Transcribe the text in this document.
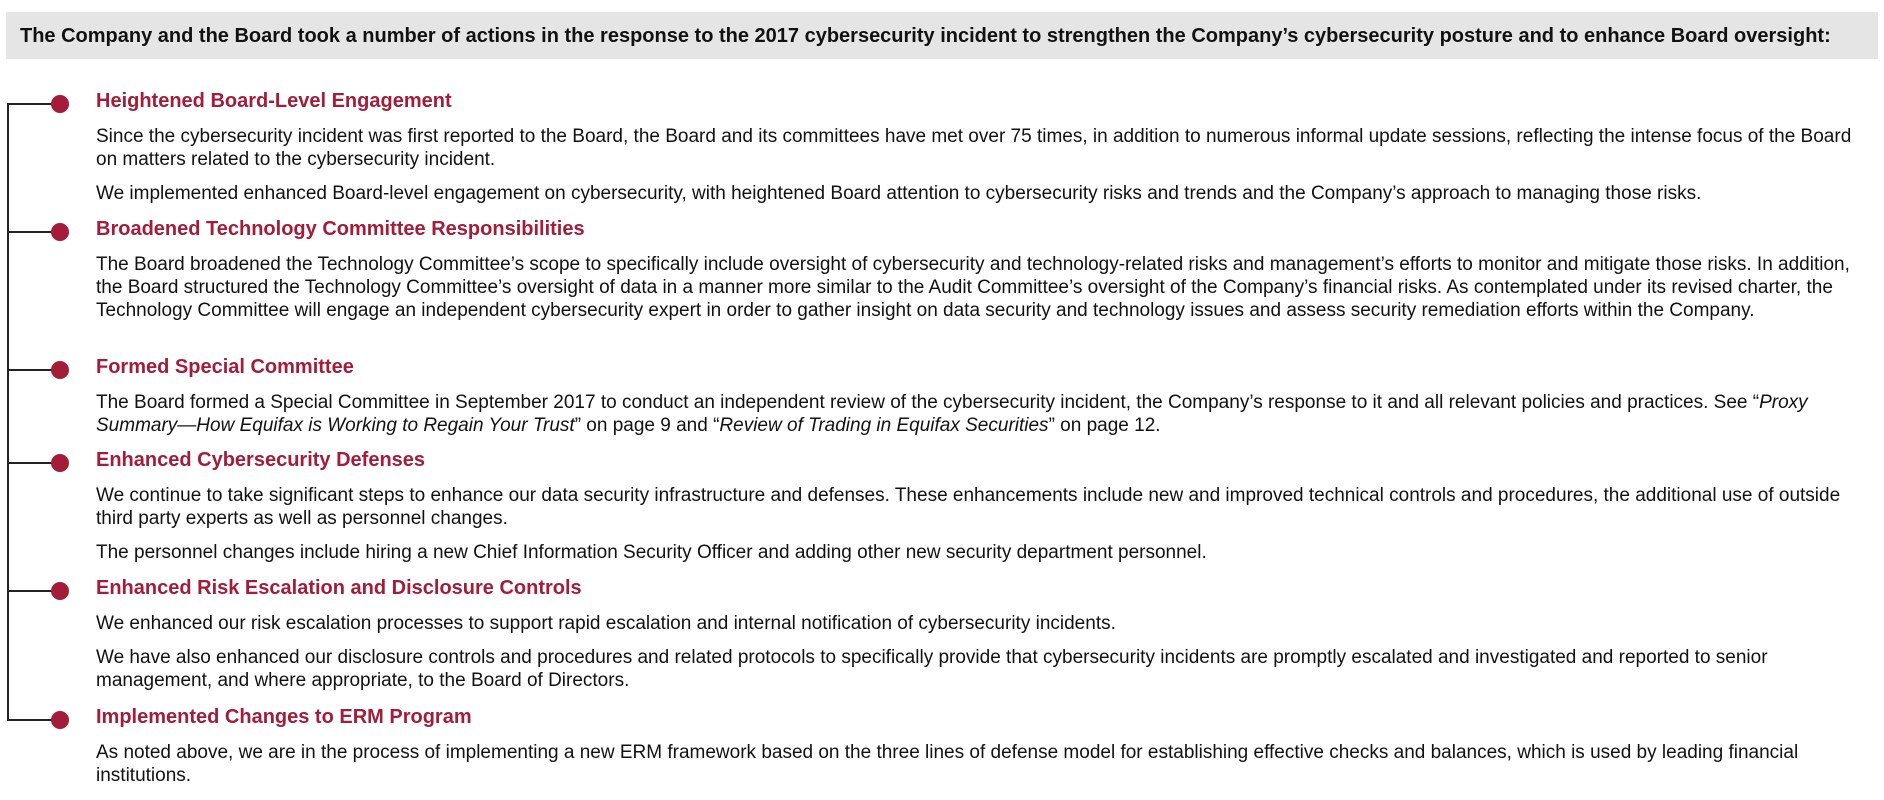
The Company and the Board took a number of actions in the response to the 2017 cybersecurity incident to strengthen the Company’s cybersecurity posture and to enhance Board oversight:
Heightened Board-Level Engagement

Since the cybersecurity incident was first reported to the Board, the Board and its committees have met over 75 times, in addition to numerous informal update sessions, reflecting the intense focus of the Board on matters related to the cybersecurity incident.

We implemented enhanced Board-level engagement on cybersecurity, with heightened Board attention to cybersecurity risks and trends and the Company’s approach to managing those risks.

Broadened Technology Committee Responsibilities

The Board broadened the Technology Committee’s scope to specifically include oversight of cybersecurity and technology-related risks and management’s efforts to monitor and mitigate those risks. In addition, the Board structured the Technology Committee’s oversight of data in a manner more similar to the Audit Committee’s oversight of the Company’s financial risks. As contemplated under its revised charter, the Technology Committee will engage an independent cybersecurity expert in order to gather insight on data security and technology issues and assess security remediation efforts within the Company.

Formed Special Committee

The Board formed a Special Committee in September 2017 to conduct an independent review of the cybersecurity incident, the Company’s response to it and all relevant policies and practices. See “Proxy Summary—How Equifax is Working to Regain Your Trust” on page 9 and “Review of Trading in Equifax Securities” on page 12.

Enhanced Cybersecurity Defenses

We continue to take significant steps to enhance our data security infrastructure and defenses. These enhancements include new and improved technical controls and procedures, the additional use of outside third party experts as well as personnel changes.

The personnel changes include hiring a new Chief Information Security Officer and adding other new security department personnel.

Enhanced Risk Escalation and Disclosure Controls

We enhanced our risk escalation processes to support rapid escalation and internal notification of cybersecurity incidents.

We have also enhanced our disclosure controls and procedures and related protocols to specifically provide that cybersecurity incidents are promptly escalated and investigated and reported to senior management, and where appropriate, to the Board of Directors.

Implemented Changes to ERM Program

As noted above, we are in the process of implementing a new ERM framework based on the three lines of defense model for establishing effective checks and balances, which is used by leading financial institutions.
